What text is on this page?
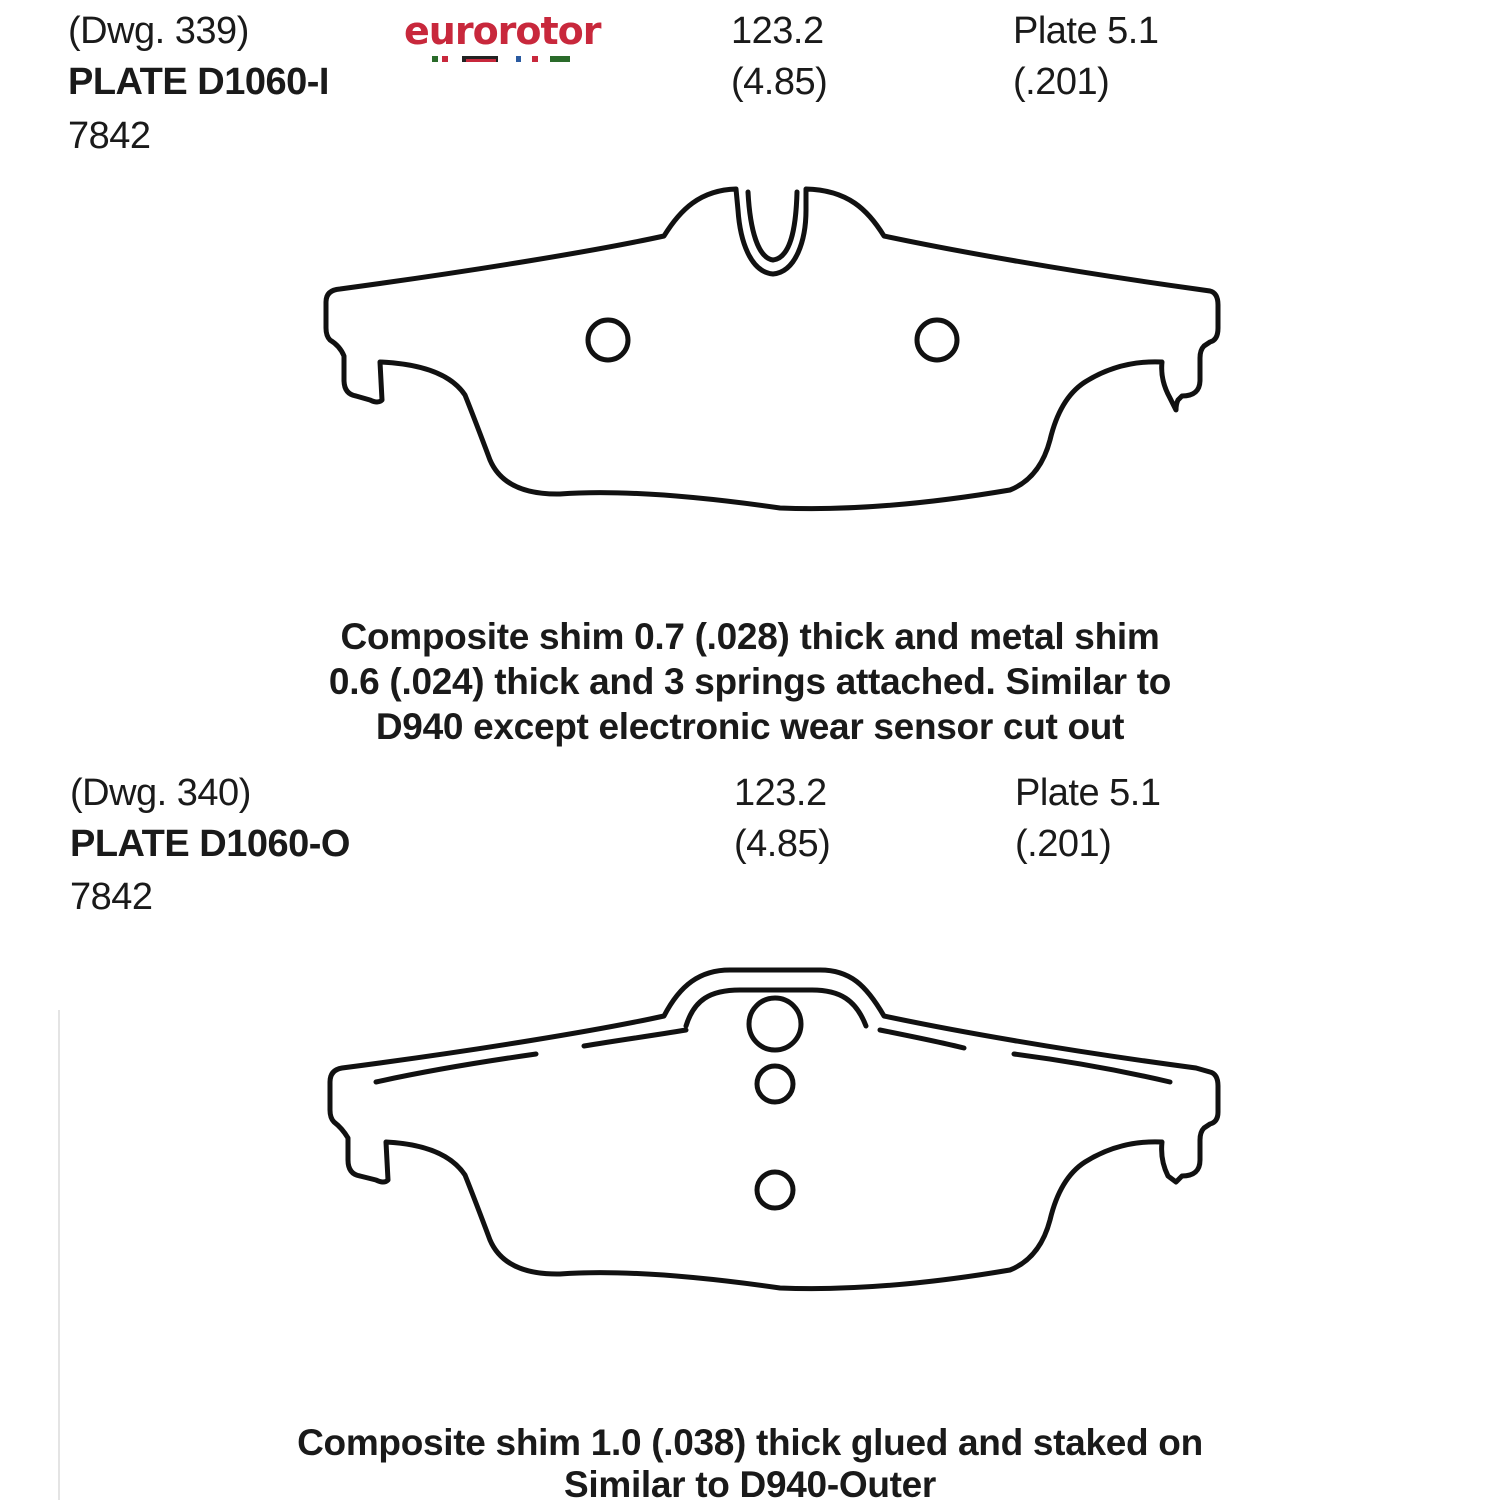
(Dwg. 339)
PLATE D1060-I
7842
eurorotor	123.2
(4.85)
Plate 5.1
(.201)
Composite shim 0.7 (.028) thick and metal shim
0.6 (.024) thick and 3 springs attached. Similar to
D940 except electronic wear sensor cut out
(Dwg. 340)
PLATE D1060-O
7842
123.2
(4.85)
Plate 5.1
(.201)
Composite shim 1.0 (.038) thick glued and staked on
Similar to D940-Outer
